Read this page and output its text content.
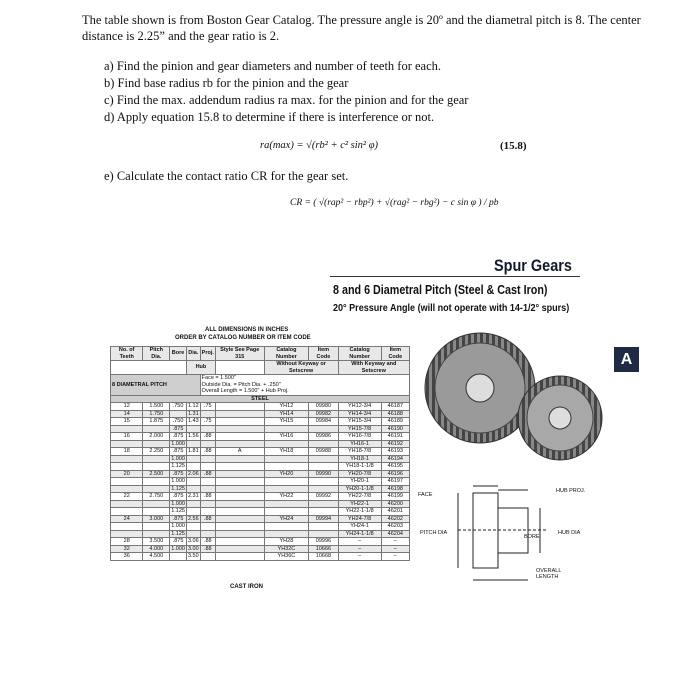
The table shown is from Boston Gear Catalog. The pressure angle is 20º and the diametral pitch is 8. The center distance is 2.25” and the gear ratio is 2.
a) Find the pinion and gear diameters and number of teeth for each.
b) Find base radius rb for the pinion and the gear
c) Find the max. addendum radius ra max. for the pinion and for the gear
d) Apply equation 15.8 to determine if there is interference or not.
ra(max) = √(rb² + c² sin² φ)	(15.8)
e) Calculate the contact ratio CR for the gear set.
CR = ( √(rap² − rbp²) + √(rag² − rbg²) − c sin φ ) / pb
Spur Gears
8 and 6 Diametral Pitch (Steel & Cast Iron)
20° Pressure Angle (will not operate with 14-1/2° spurs)
A
ALL DIMENSIONS IN INCHES
ORDER BY CATALOG NUMBER OR ITEM CODE
No. of Teeth	Pitch Dia.	Bore	Dia.	Proj.	Style See Page 315	Catalog Number	Item Code	Catalog Number	Item Code
			Hub			Without Keyway or Setscrew		With Keyway and Setscrew	
8 DIAMETRAL PITCH				Face = 1.500"
Outside Dia. = Pitch Dia. + .250"
Overall Length = 1.500" + Hub Proj.					

STEEL									
12	1.500	.750	1.12	.75		YH12	09980	YH12-3/4	46187
14	1.750		1.31			YH14	09982	YH14-3/4	46188
15	1.875	.750	1.43	.75		YH15	09984	YH15-3/4	46189
		.875						YH15-7/8	46190
16	2.000	.875	1.56	.88		YH16	09986	YH16-7/8	46191
		1.000						YH16-1	46192
18	2.250	.875	1.81	.88	A	YH18	09988	YH18-7/8	46193
		1.000						YH18-1	46194
		1.125						YH18-1-1/8	46195
20	2.500	.875	2.06	.88		YH20	09990	YH20-7/8	46196
		1.000						YH20-1	46197
		1.125						YH20-1-1/8	46198
22	2.750	.875	2.31	.88		YH22	09992	YH22-7/8	46199
		1.000						YH22-1	46200
		1.125						YH22-1-1/8	46201
24	3.000	.875	2.56	.88		YH24	09994	YH24-7/8	46202
		1.000						YH24-1	46203
		1.125						YH24-1-1/8	46204
28	3.500	.875	3.06	.88		YH28	09996	–	–
32	4.000	1.000	3.00	.88		YH32C	10666	–	–
36	4.500		3.50			YH36C	10668	–	–
CAST IRON
FACE
HUB PROJ.
PITCH DIA
BORE
HUB DIA
OVERALL LENGTH
